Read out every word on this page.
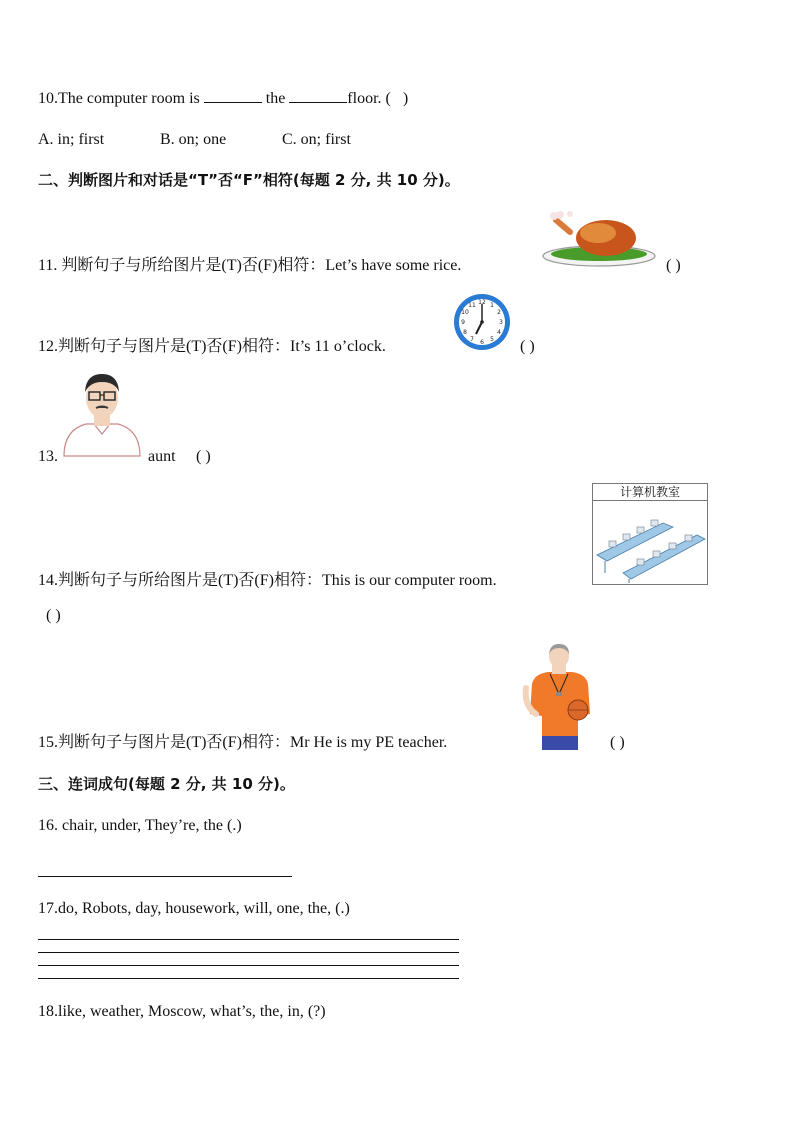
10.The computer room is	the	floor. ( )
A. in; first	B. on; one	C. on; first
二、判断图片和对话是“T”否“F”相符(每题 2 分, 共 10 分)。
11. 判断句子与所给图片是(T)否(F)相符：Let’s have some rice.	( )
12.判断句子与图片是(T)否(F)相符：It’s 11 o’clock.
12 1
2
3
4
5
6
7
8
9
10
11
( )
13.	aunt ( )
计算机教室
14.判断句子与所给图片是(T)否(F)相符：This is our computer room.
( )
15.判断句子与图片是(T)否(F)相符：Mr He is my PE teacher.	( )
三、连词成句(每题 2 分, 共 10 分)。
16. chair, under, They’re, the (.)
17.do, Robots, day, housework, will, one, the, (.)
18.like, weather, Moscow, what’s, the, in, (?)
